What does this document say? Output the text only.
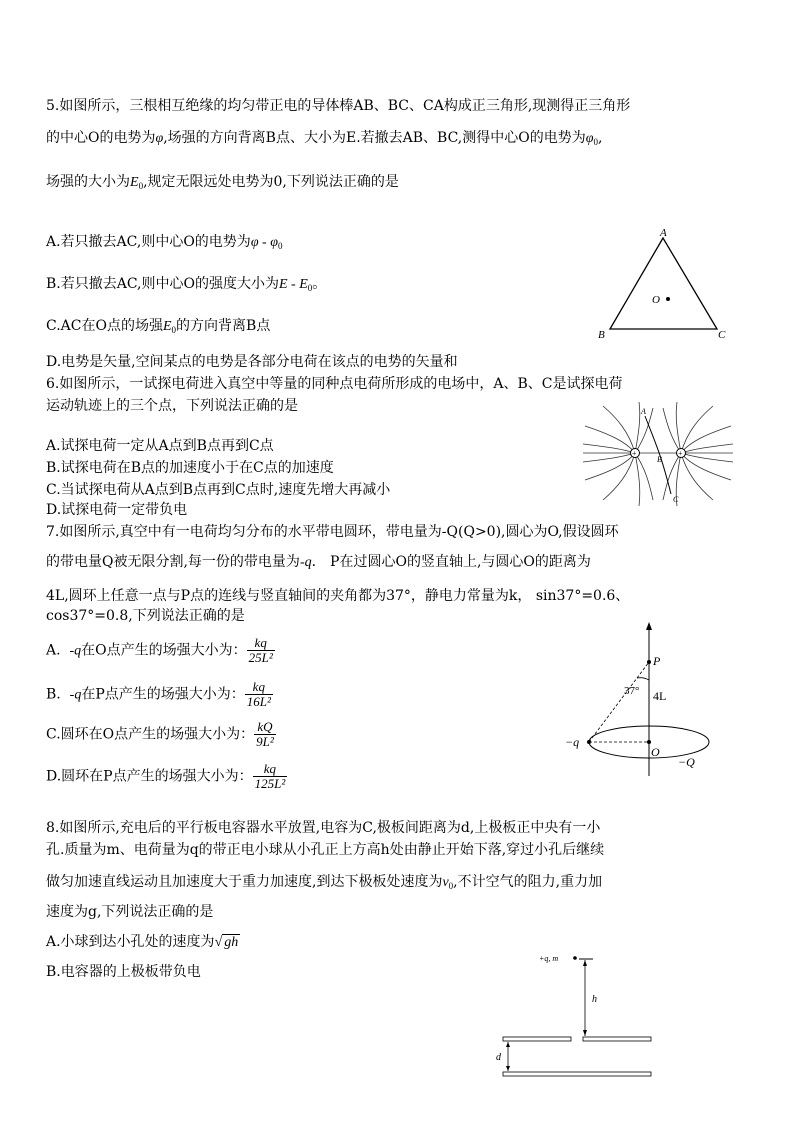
5.如图所示，三根相互绝缘的均匀带正电的导体棒AB、BC、CA构成正三角形,现测得正三角形
的中心O的电势为φ,场强的方向背离B点、大小为E.若撤去AB、BC,测得中心O的电势为$\varphi_0$,
场强的大小为$E_0$,规定无限远处电势为0,下列说法正确的是
A.若只撤去AC,则中心O的电势为φ - $\varphi_0$
B.若只撤去AC,则中心O的强度大小为E - $E_0$。
C.AC在O点的场强$E_0$的方向背离B点
D.电势是矢量,空间某点的电势是各部分电荷在该点的电势的矢量和
A
B	C
O
6.如图所示，一试探电荷进入真空中等量的同种点电荷所形成的电场中，A、B、C是试探电荷
运动轨迹上的三个点，下列说法正确的是
A.试探电荷一定从A点到B点再到C点
B.试探电荷在B点的加速度小于在C点的加速度
C.当试探电荷从A点到B点再到C点时,速度先增大再减小
D.试探电荷一定带负电
+	+
A
B
C
7.如图所示,真空中有一电荷均匀分布的水平带电圆环，带电量为-Q(Q>0),圆心为O,假设圆环
的带电量Q被无限分割,每一份的带电量为-q． P在过圆心O的竖直轴上,与圆心O的距离为
4L,圆环上任意一点与P点的连线与竖直轴间的夹角都为37°，静电力常量为k， sin37°=0.6、
cos37°=0.8,下列说法正确的是
A. -q在O点产生的场强大小为： $\frac{kq}{\text{25L²}}$
B. -q在P点产生的场强大小为： $\frac{kq}{\text{16L²}}$
C.圆环在O点产生的场强大小为： $\frac{kQ}{\text{9L²}}$
D.圆环在P点产生的场强大小为： $\frac{kq}{\text{125L²}}$
P
37° 4L
−q
O
−Q
8.如图所示,充电后的平行板电容器水平放置,电容为C,极板间距离为d,上极板正中央有一小
孔.质量为m、电荷量为q的带正电小球从小孔正上方高h处由静止开始下落,穿过小孔后继续
做匀加速直线运动且加速度大于重力加速度,到达下极板处速度为$v_0$,不计空气的阻力,重力加
速度为g,下列说法正确的是
A.小球到达小孔处的速度为√ gh
B.电容器的上极板带负电
+q, m
h
d
